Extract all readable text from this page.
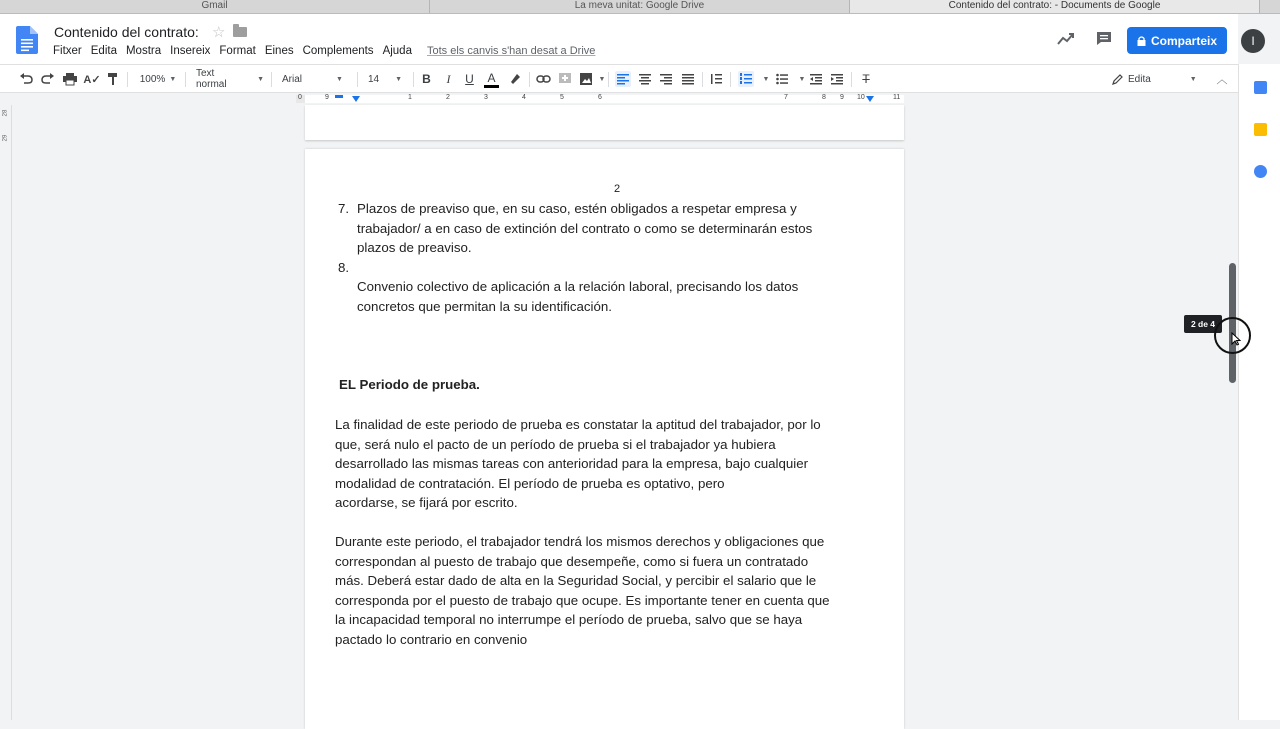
Gmail	La meva unitat: Google Drive	Contenido del contrato: - Documents de Google
Contenido del contrato: ☆
Fitxer Edita Mostra Insereix Format Eines Complements Ajuda Tots els canvis s'han desat a Drive
Comparteix	I
A✓	100% ▼ Text normal	▼ Arial	▼	14 ▼ B	I	U A	▼	▼	▼	T	Edita	▼ ︿
0	9	1	2	3	4	5	6	7	8 9 10	11
28
29
2
7. Plazos de preaviso que, en su caso, estén obligados a respetar empresa y
trabajador/ a en caso de extinción del contrato o como se determinarán estos
plazos de preaviso.
8.
Convenio colectivo de aplicación a la relación laboral, precisando los datos
concretos que permitan la su identificación.
EL Periodo de prueba.
La finalidad de este periodo de prueba es constatar la aptitud del trabajador, por lo
que, será nulo el pacto de un período de prueba si el trabajador ya hubiera
desarrollado las mismas tareas con anterioridad para la empresa, bajo cualquier
modalidad de contratación. El período de prueba es optativo, pero
acordarse, se fijará por escrito.
Durante este periodo, el trabajador tendrá los mismos derechos y obligaciones que
correspondan al puesto de trabajo que desempeñe, como si fuera un contratado
más. Deberá estar dado de alta en la Seguridad Social, y percibir el salario que le
corresponda por el puesto de trabajo que ocupe. Es importante tener en cuenta que
la incapacidad temporal no interrumpe el período de prueba, salvo que se haya
pactado lo contrario en convenio
2 de 4
